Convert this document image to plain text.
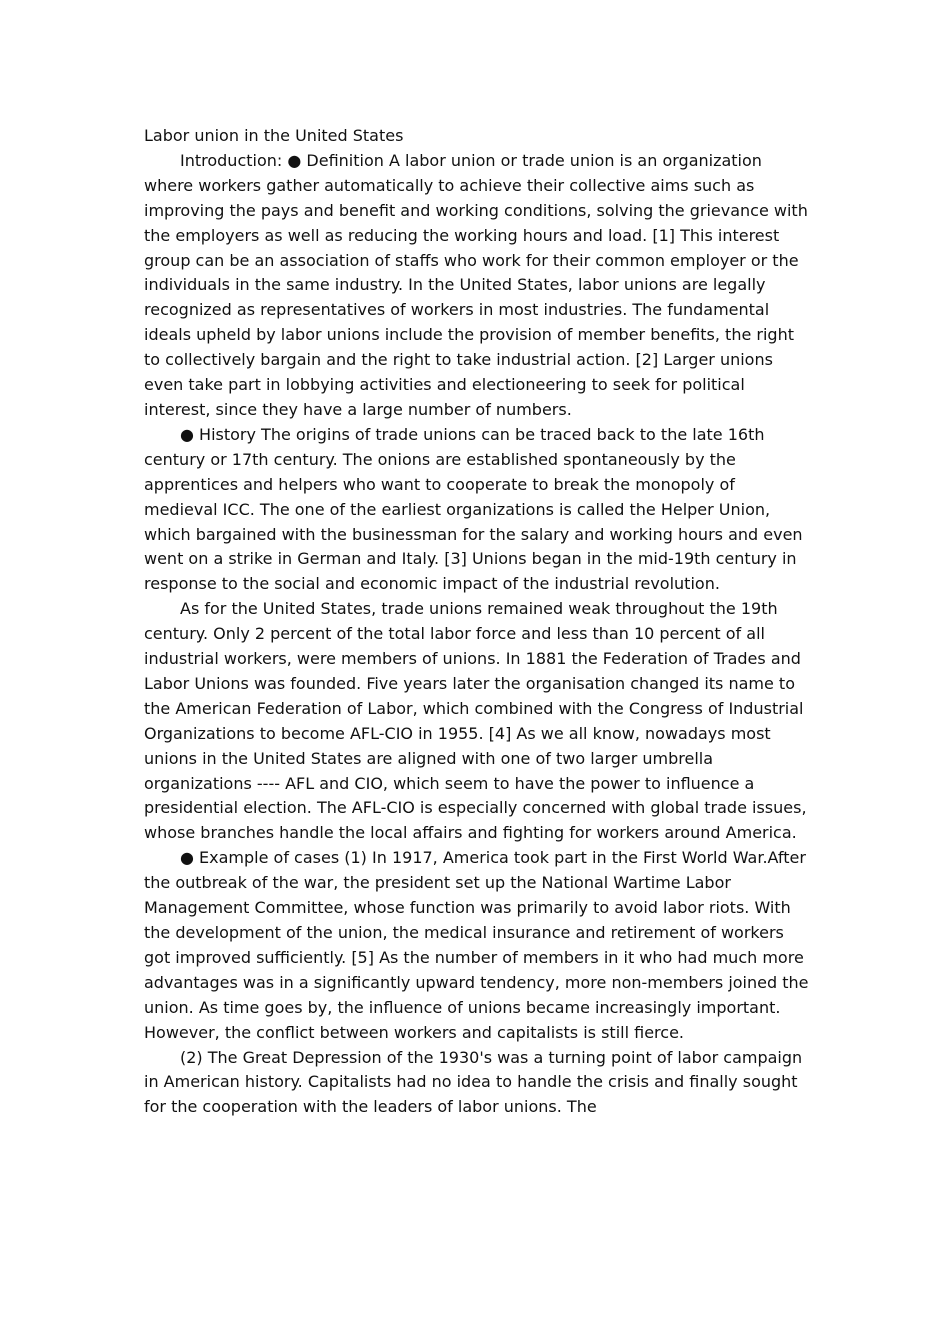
Labor union in the United States

Introduction: ● Definition A labor union or trade union is an organization where workers gather automatically to achieve their collective aims such as improving the pays and benefit and working conditions, solving the grievance with the employers as well as reducing the working hours and load. [1] This interest group can be an association of staffs who work for their common employer or the individuals in the same industry. In the United States, labor unions are legally recognized as representatives of workers in most industries. The fundamental ideals upheld by labor unions include the provision of member benefits, the right to collectively bargain and the right to take industrial action. [2] Larger unions even take part in lobbying activities and electioneering to seek for political interest, since they have a large number of numbers.

● History The origins of trade unions can be traced back to the late 16th century or 17th century. The onions are established spontaneously by the apprentices and helpers who want to cooperate to break the monopoly of medieval ICC. The one of the earliest organizations is called the Helper Union, which bargained with the businessman for the salary and working hours and even went on a strike in German and Italy. [3] Unions began in the mid-19th century in response to the social and economic impact of the industrial revolution.

As for the United States, trade unions remained weak throughout the 19th century. Only 2 percent of the total labor force and less than 10 percent of all industrial workers, were members of unions. In 1881 the Federation of Trades and Labor Unions was founded. Five years later the organisation changed its name to the American Federation of Labor, which combined with the Congress of Industrial Organizations to become AFL-CIO in 1955. [4] As we all know, nowadays most unions in the United States are aligned with one of two larger umbrella organizations ---- AFL and CIO, which seem to have the power to influence a presidential election. The AFL-CIO is especially concerned with global trade issues, whose branches handle the local affairs and fighting for workers around America.

● Example of cases (1) In 1917, America took part in the First World War.After the outbreak of the war, the president set up the National Wartime Labor Management Committee, whose function was primarily to avoid labor riots. With the development of the union, the medical insurance and retirement of workers got improved sufficiently. [5] As the number of members in it who had much more advantages was in a significantly upward tendency, more non-members joined the union. As time goes by, the influence of unions became increasingly important. However, the conflict between workers and capitalists is still fierce.

(2) The Great Depression of the 1930's was a turning point of labor campaign in American history. Capitalists had no idea to handle the crisis and finally sought for the cooperation with the leaders of labor unions. The
